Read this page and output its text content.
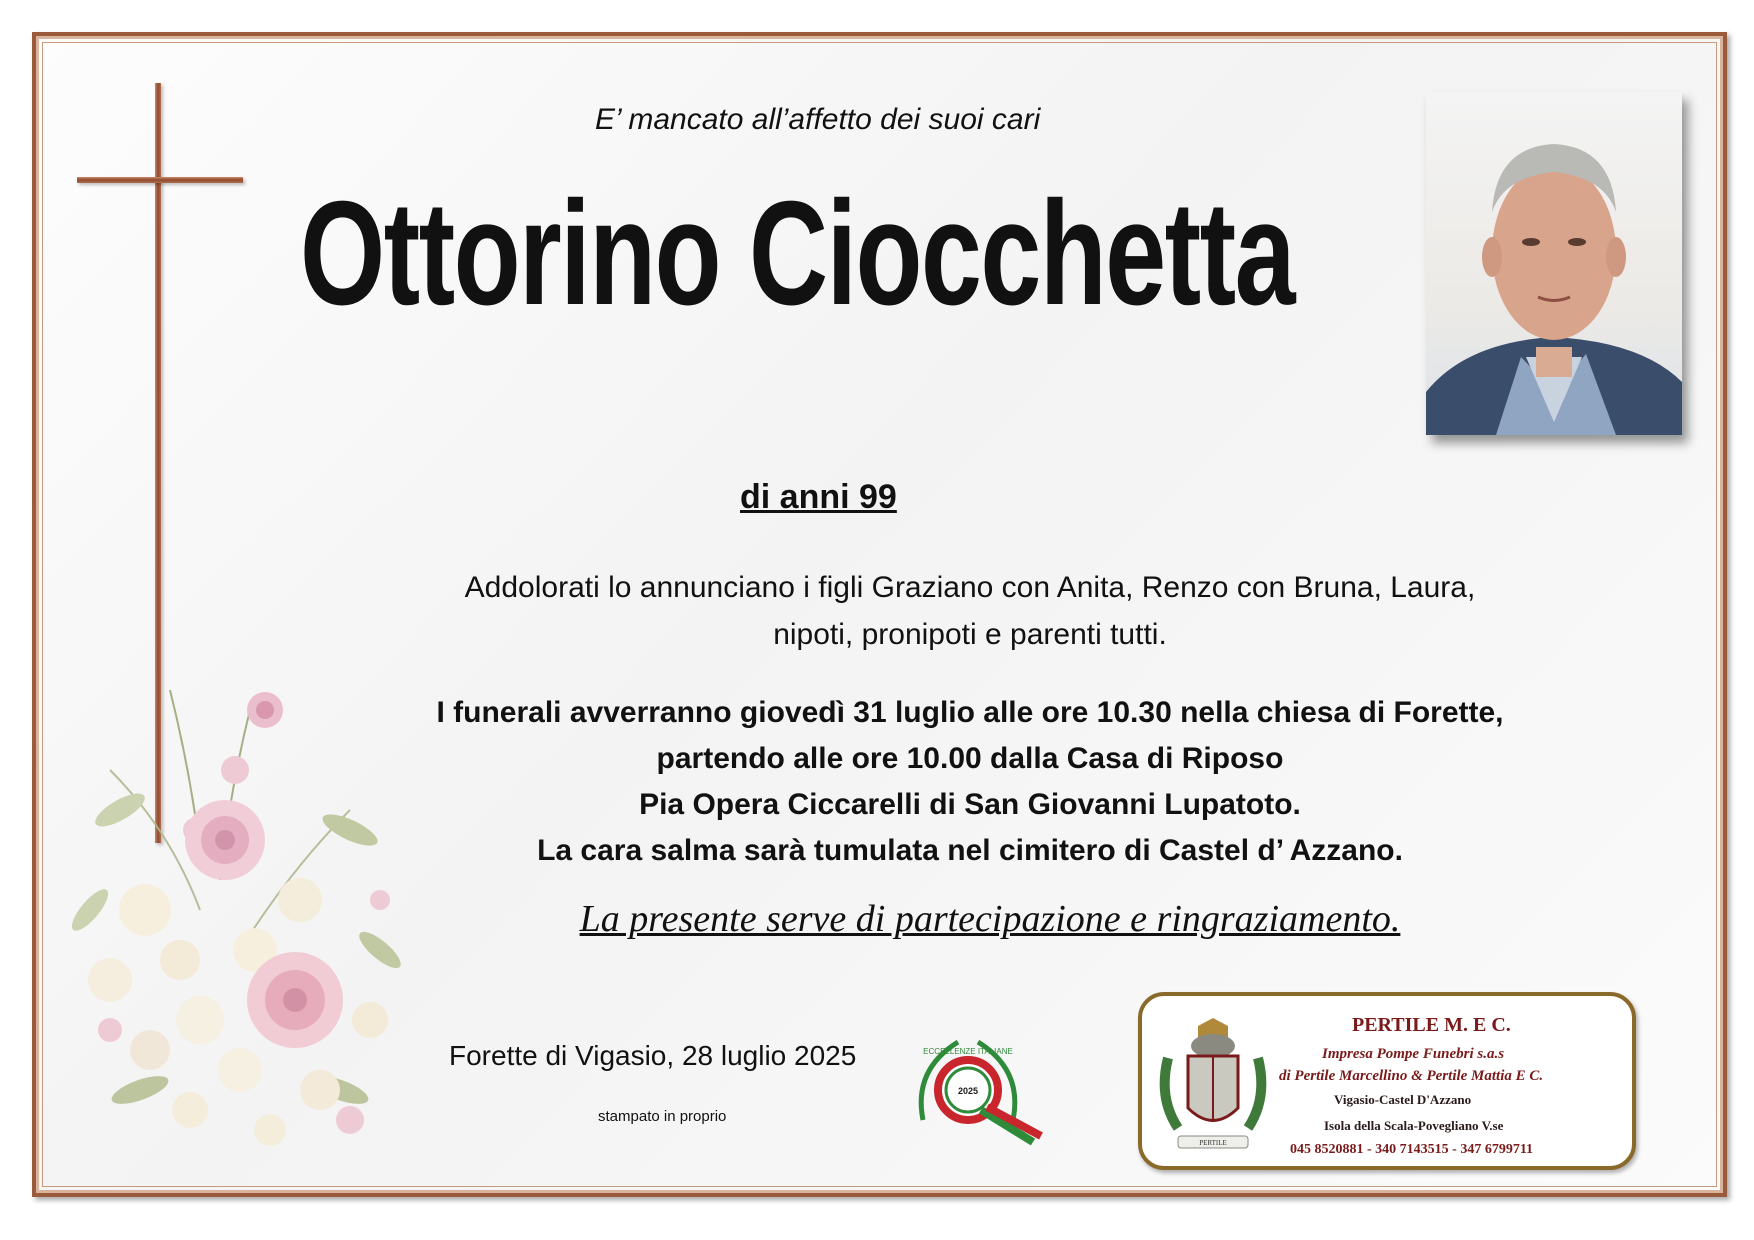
E’ mancato all’affetto dei suoi cari
Ottorino Ciocchetta
di anni 99
Addolorati lo annunciano i figli Graziano con Anita, Renzo con Bruna, Laura,
nipoti, pronipoti e parenti tutti.
I funerali avverranno giovedì 31 luglio alle ore 10.30 nella chiesa di Forette,
partendo alle ore 10.00 dalla Casa di Riposo
Pia Opera Ciccarelli di San Giovanni Lupatoto.
La cara salma sarà tumulata nel cimitero di Castel d’ Azzano.
La presente serve di partecipazione e ringraziamento.
Forette di Vigasio, 28 luglio 2025
stampato in proprio
2025
ECCELLENZE ITALIANE
PERTILE
PERTILE M. E C.
Impresa Pompe Funebri s.a.s
di Pertile Marcellino & Pertile Mattia E C.
Vigasio-Castel D'Azzano
Isola della Scala-Povegliano V.se
045 8520881 - 340 7143515 - 347 6799711
